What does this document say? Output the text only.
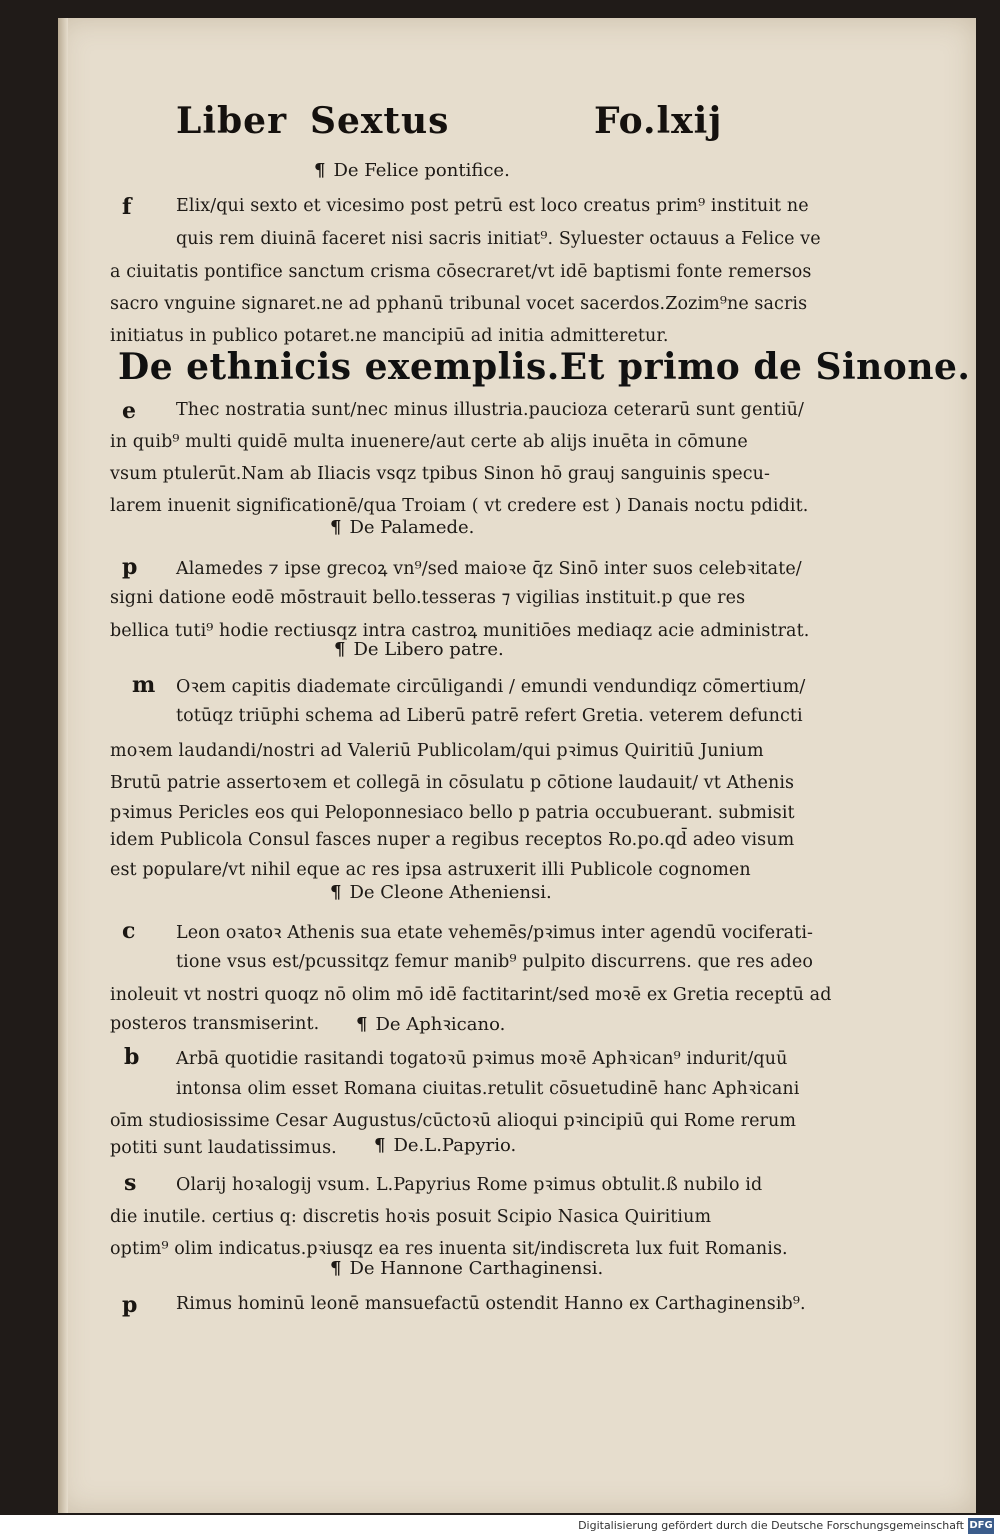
Liber Sextus	Fo.lxij
¶ De Felice pontifice.
f	Elix/qui sexto et vicesimo post petrū est loco creatus prim⁹ instituit ne
quis rem diuinā faceret nisi sacris initiat⁹. Syluester octauus a Felice ve
a ciuitatis pontifice sanctum crisma cōsecraret/vt idē baptismi fonte remersos
sacro vnguine signaret.ne ad pphanū tribunal vocet sacerdos.Zozim⁹ne sacris
initiatus in publico potaret.ne mancipiū ad initia admitteretur.
De ethnicis exemplis.Et primo de Sinone.
e Thec nostratia sunt/nec minus illustria.paucioza ceterarū sunt gentiū/
in quib⁹ multi quidē multa inuenere/aut certe ab alijs inuēta in cōmune
vsum ptulerūt.Nam ab Iliacis vsqz tpibus Sinon hō grauj sanguinis specu-
larem inuenit significationē/qua Troiam ( vt credere est ) Danais noctu pdidit.
¶ De Palamede.
p Alamedes ⁊ ipse grecoꝝ vn⁹/sed maioꝛe q̄z Sinō inter suos celebꝛitate/
signi datione eodē mōstrauit bello.tesseras ⁊ vigilias instituit.p que res
bellica tuti⁹ hodie rectiusqz intra castroꝝ munitiōes mediaqz acie administrat.
¶ De Libero patre.
m Oꝛem capitis diademate circūligandi / emundi vendundiqz cōmertium/
totūqz triūphi schema ad Liberū patrē refert Gretia. veterem defuncti
moꝛem laudandi/nostri ad Valeriū Publicolam/qui pꝛimus Quiritiū Junium
Brutū patrie assertoꝛem et collegā in cōsulatu p cōtione laudauit/ vt Athenis
pꝛimus Pericles eos qui Peloponnesiaco bello p patria occubuerant. submisit
idem Publicola Consul fasces nuper a regibus receptos Ro.po.qd̄ adeo visum
est populare/vt nihil eque ac res ipsa astruxerit illi Publicole cognomen
¶ De Cleone Atheniensi.
c Leon oꝛatoꝛ Athenis sua etate vehemēs/pꝛimus inter agendū vociferati-
tione vsus est/pcussitqz femur manib⁹ pulpito discurrens. que res adeo
inoleuit vt nostri quoqz nō olim mō idē factitarint/sed moꝛē ex Gretia receptū ad
posteros transmiserint. ¶ De Aphꝛicano.
b Arbā quotidie rasitandi togatoꝛū pꝛimus moꝛē Aphꝛican⁹ indurit/quū
intonsa olim esset Romana ciuitas.retulit cōsuetudinē hanc Aphꝛicani
oīm studiosissime Cesar Augustus/cūctoꝛū alioqui pꝛincipiū qui Rome rerum
potiti sunt laudatissimus. ¶ De.L.Papyrio.
s Olarij hoꝛalogij vsum. L.Papyrius Rome pꝛimus obtulit.ß nubilo id
die inutile. certius q: discretis hoꝛis posuit Scipio Nasica Quiritium
optim⁹ olim indicatus.pꝛiusqz ea res inuenta sit/indiscreta lux fuit Romanis.
¶ De Hannone Carthaginensi.
p Rimus hominū leonē mansuefactū ostendit Hanno ex Carthaginensib⁹.
Digitalisierung gefördert durch die Deutsche Forschungsgemeinschaft DFG
